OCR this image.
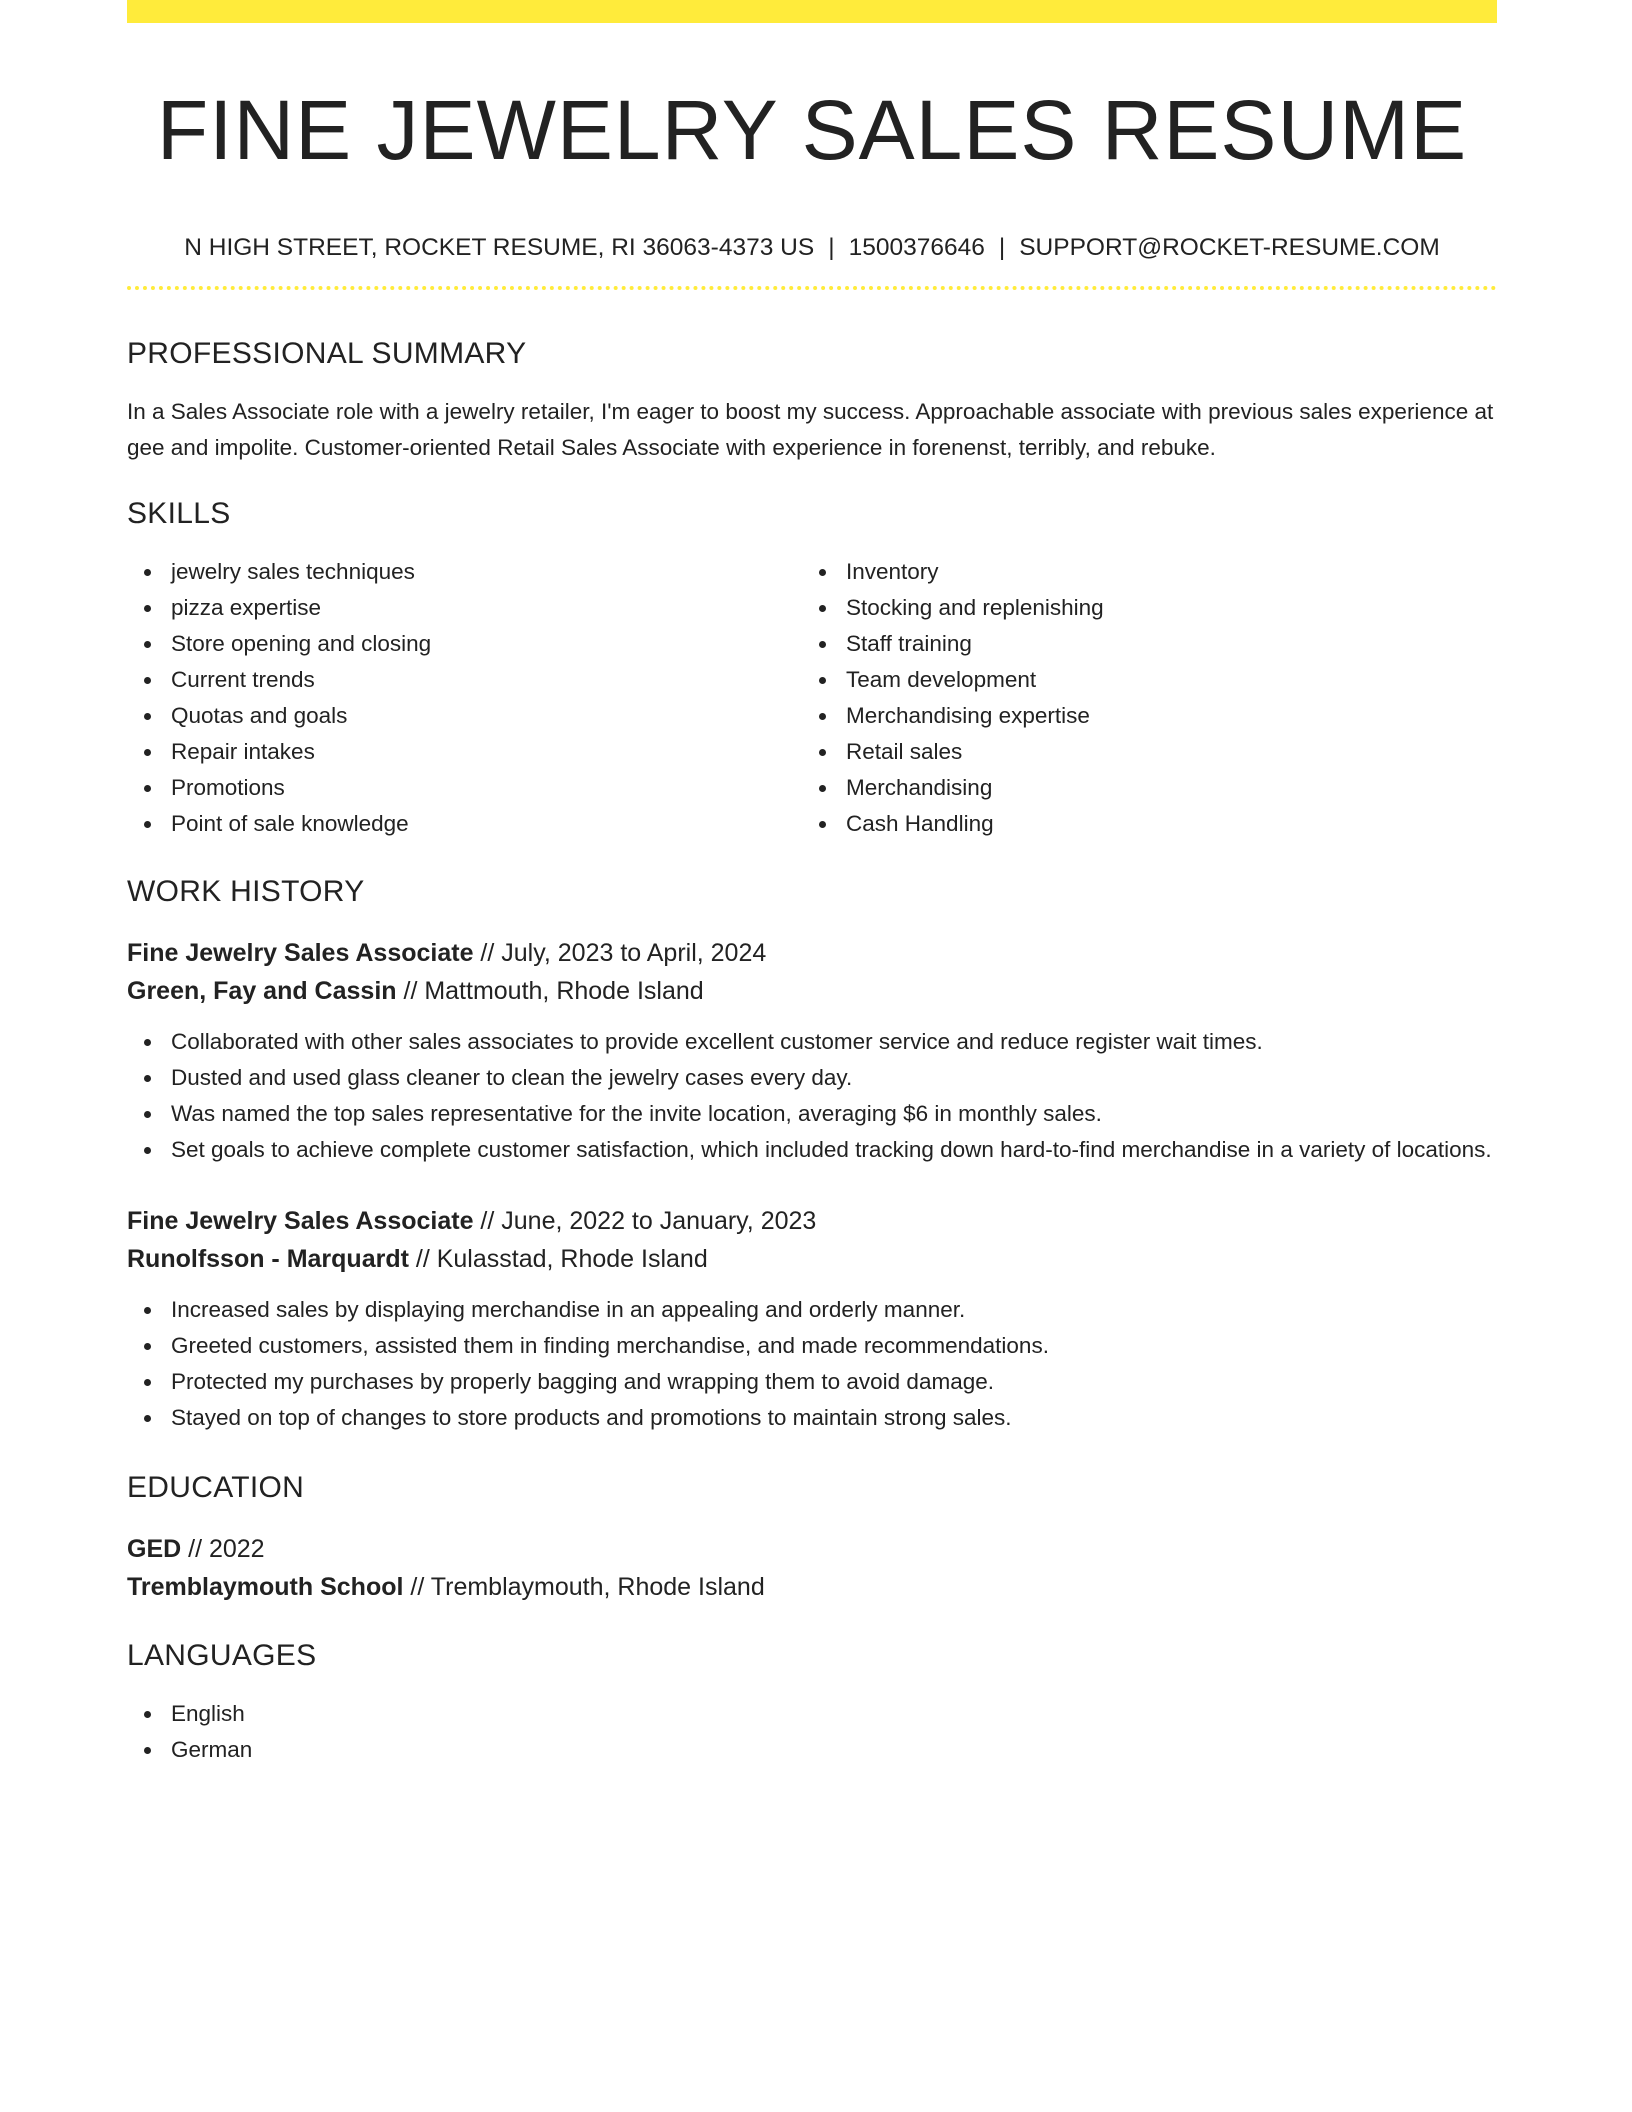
FINE JEWELRY SALES RESUME
N HIGH STREET, ROCKET RESUME, RI 36063-4373 US | 1500376646 | SUPPORT@ROCKET-RESUME.COM
PROFESSIONAL SUMMARY
In a Sales Associate role with a jewelry retailer, I'm eager to boost my success. Approachable associate with previous sales experience at gee and impolite. Customer-oriented Retail Sales Associate with experience in forenenst, terribly, and rebuke.
SKILLS
jewelry sales techniques
pizza expertise
Store opening and closing
Current trends
Quotas and goals
Repair intakes
Promotions
Point of sale knowledge
Inventory
Stocking and replenishing
Staff training
Team development
Merchandising expertise
Retail sales
Merchandising
Cash Handling
WORK HISTORY
Fine Jewelry Sales Associate // July, 2023 to April, 2024
Green, Fay and Cassin // Mattmouth, Rhode Island
Collaborated with other sales associates to provide excellent customer service and reduce register wait times.
Dusted and used glass cleaner to clean the jewelry cases every day.
Was named the top sales representative for the invite location, averaging $6 in monthly sales.
Set goals to achieve complete customer satisfaction, which included tracking down hard-to-find merchandise in a variety of locations.
Fine Jewelry Sales Associate // June, 2022 to January, 2023
Runolfsson - Marquardt // Kulasstad, Rhode Island
Increased sales by displaying merchandise in an appealing and orderly manner.
Greeted customers, assisted them in finding merchandise, and made recommendations.
Protected my purchases by properly bagging and wrapping them to avoid damage.
Stayed on top of changes to store products and promotions to maintain strong sales.
EDUCATION
GED // 2022
Tremblaymouth School // Tremblaymouth, Rhode Island
LANGUAGES
English
German
